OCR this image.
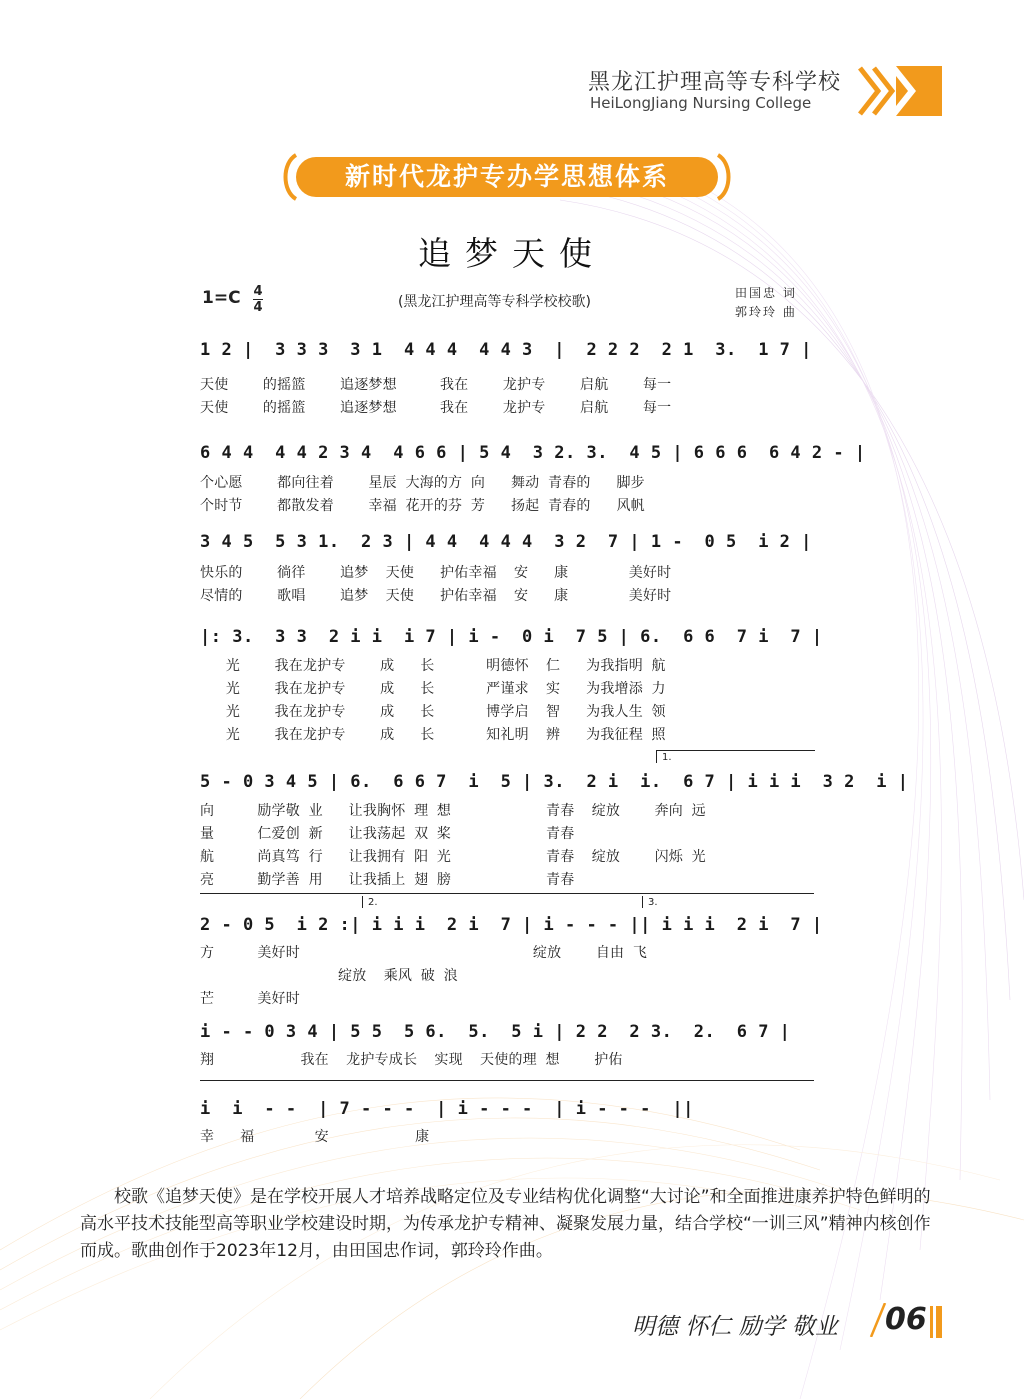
黑龙江护理高等专科学校
HeiLongJiang Nursing College
新时代龙护专办学思想体系
追梦天使
1=C 4
4	(黑龙江护理高等专科学校校歌)
田国忠 词
郭玲玲 曲
1 2 |  3 3 3  3 1  4 4 4  4 4 3  |  2 2 2  2 1  3.  1 7 |
天使    的摇篮    追逐梦想     我在    龙护专    启航    每一
天使    的摇篮    追逐梦想     我在    龙护专    启航    每一
6 4 4  4 4 2 3 4  4 6 6 | 5 4  3 2. 3.  4 5 | 6 6 6  6 4 2 - |
个心愿    都向往着    星辰 大海的方 向   舞动 青春的   脚步
个时节    都散发着    幸福 花开的芬 芳   扬起 青春的   风帆
3 4 5  5 3 1.  2 3 | 4 4  4 4 4  3 2  7 | 1 -  0 5  i 2 |
快乐的    徜徉    追梦  天使   护佑幸福  安   康       美好时
尽情的    歌唱    追梦  天使   护佑幸福  安   康       美好时
|: 3.  3 3  2 i i  i 7 | i -  0 i  7 5 | 6.  6 6  7 i  7 |
光    我在龙护专    成   长      明德怀  仁   为我指明 航
光    我在龙护专    成   长      严谨求  实   为我增添 力
光    我在龙护专    成   长      博学启  智   为我人生 领
光    我在龙护专    成   长      知礼明  辨   为我征程 照
1.
5 - 0 3 4 5 | 6.  6 6 7  i  5 | 3.  2 i  i.  6 7 | i i i  3 2  i |
向     励学敬 业   让我胸怀 理 想           青春  绽放    奔向 远
量     仁爱创 新   让我荡起 双 桨           青春
航     尚真笃 行   让我拥有 阳 光           青春  绽放    闪烁 光
亮     勤学善 用   让我插上 翅 膀           青春
2.	3.
2 - 0 5  i 2 :| i i i  2 i  7 | i - - - || i i i  2 i  7 |
方     美好时                           绽放    自由 飞
绽放  乘风 破 浪
芒     美好时
i - - 0 3 4 | 5 5  5 6.  5.  5 i | 2 2  2 3.  2.  6 7 |
翔          我在  龙护专成长  实现  天使的理 想    护佑
i  i  - -  | 7 - - -  | i - - -  | i - - -  ||
幸   福       安          康
校歌《追梦天使》是在学校开展人才培养战略定位及专业结构优化调整“大讨论”和全面推进康养护特色鲜明的高水平技术技能型高等职业学校建设时期，为传承龙护专精神、凝聚发展力量，结合学校“一训三风”精神内核创作而成。歌曲创作于2023年12月，由田国忠作词，郭玲玲作曲。
明德 怀仁 励学 敬业 06
